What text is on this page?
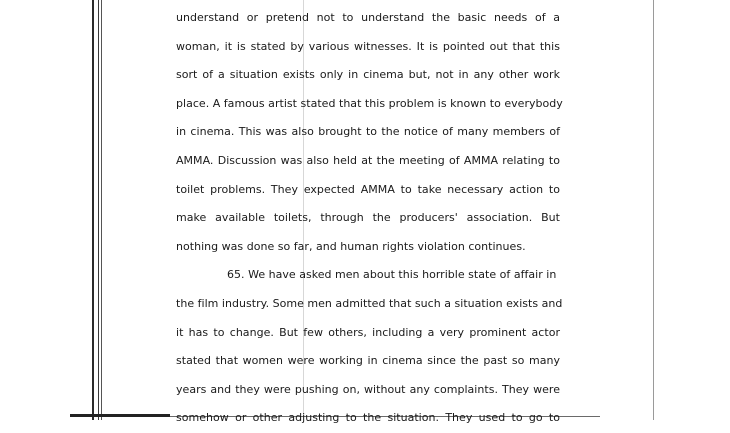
understand or pretend not to understand the basic needs of a
woman, it is stated by various witnesses. It is pointed out that this
sort of a situation exists only in cinema but, not in any other work
place. A famous artist stated that this problem is known to everybody
in cinema. This was also brought to the notice of many members of
AMMA. Discussion was also held at the meeting of AMMA relating to
toilet problems. They expected AMMA to take necessary action to
make available toilets, through the producers' association. But
nothing was done so far, and human rights violation continues.
65. We have asked men about this horrible state of affair in
the film industry. Some men admitted that such a situation exists and
it has to change. But few others, including a very prominent actor
stated that women were working in cinema since the past so many
years and they were pushing on, without any complaints. They were
somehow or other adjusting to the situation. They used to go to
